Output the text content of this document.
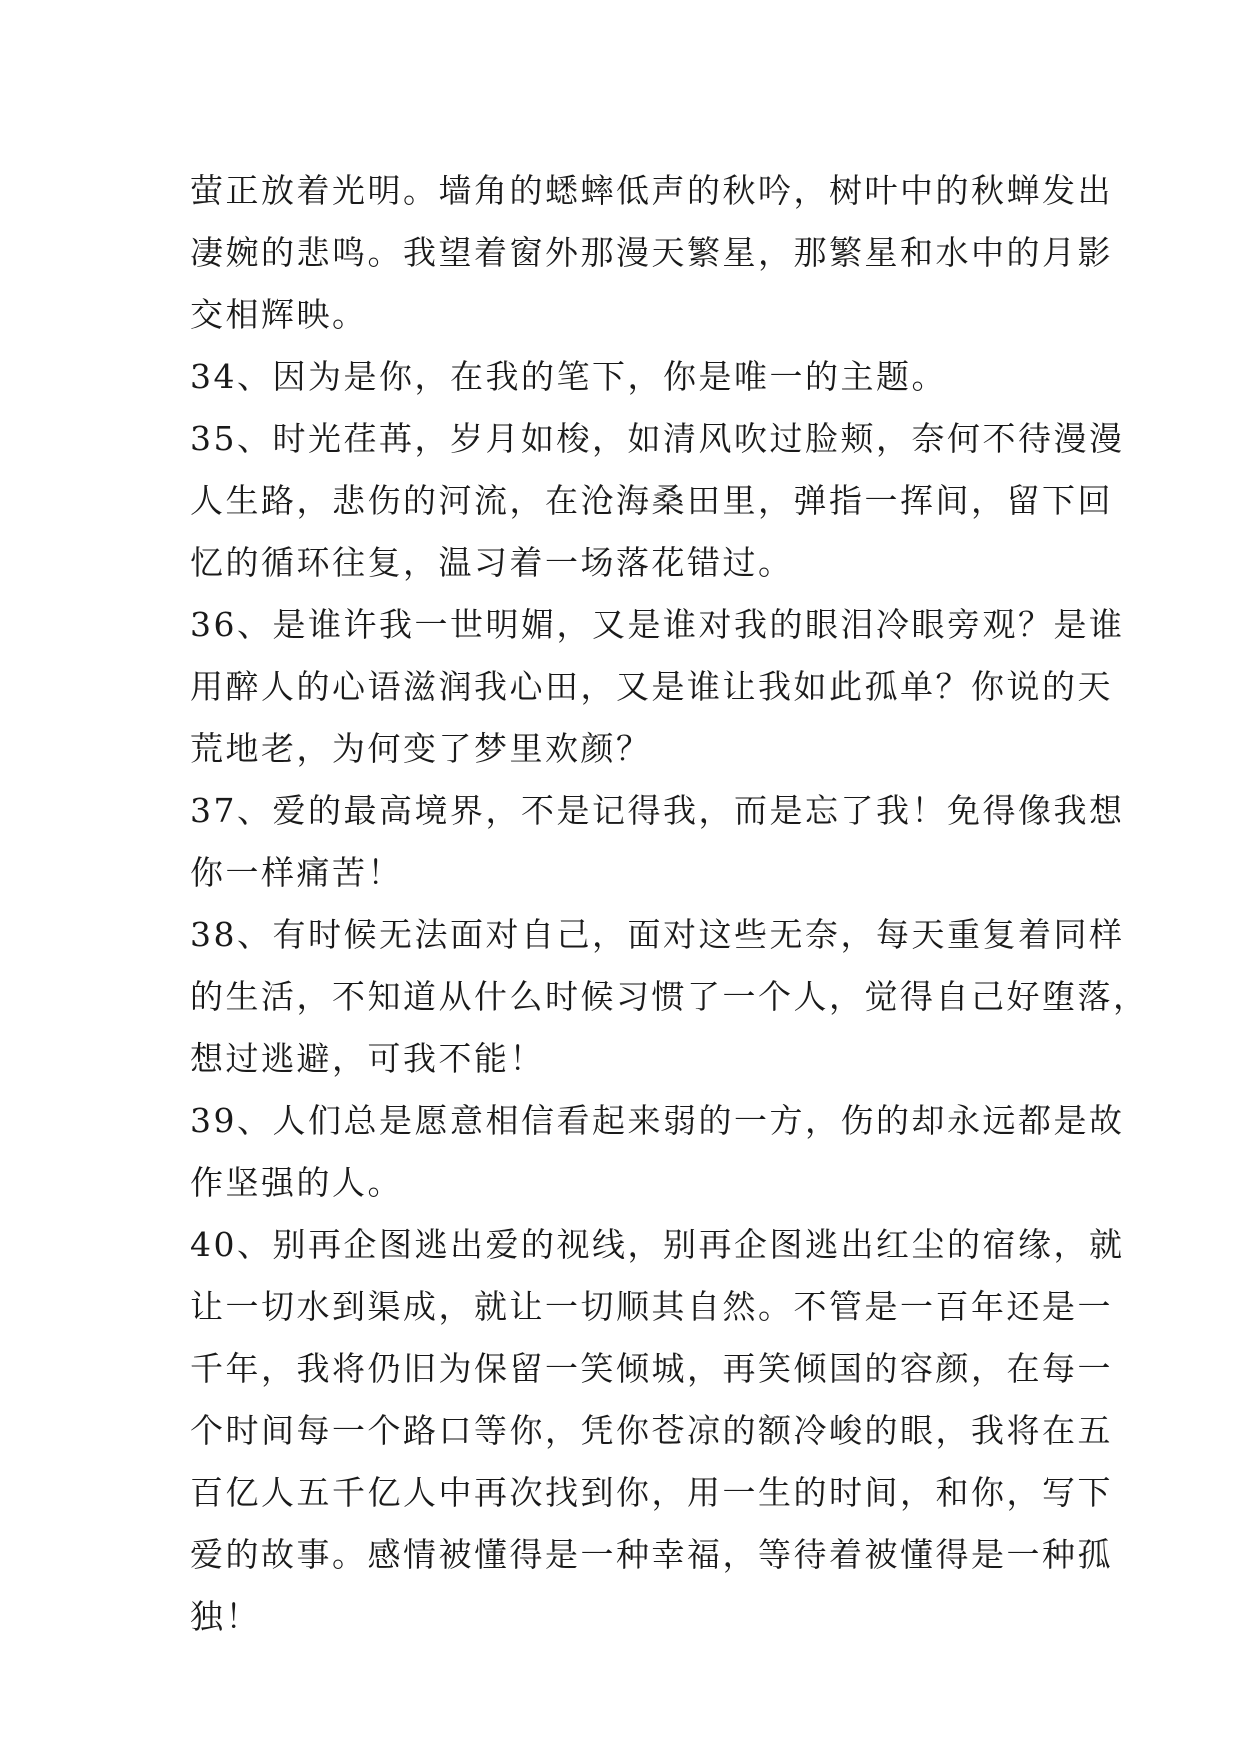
萤正放着光明。墙角的蟋蟀低声的秋吟，树叶中的秋蝉发出
凄婉的悲鸣。我望着窗外那漫天繁星，那繁星和水中的月影
交相辉映。
34、因为是你，在我的笔下，你是唯一的主题。
35、时光荏苒，岁月如梭，如清风吹过脸颊，奈何不待漫漫
人生路，悲伤的河流，在沧海桑田里，弹指一挥间，留下回
忆的循环往复，温习着一场落花错过。
36、是谁许我一世明媚，又是谁对我的眼泪冷眼旁观？是谁
用醉人的心语滋润我心田，又是谁让我如此孤单？你说的天
荒地老，为何变了梦里欢颜？
37、爱的最高境界，不是记得我，而是忘了我！免得像我想
你一样痛苦！
38、有时候无法面对自己，面对这些无奈，每天重复着同样
的生活，不知道从什么时候习惯了一个人，觉得自己好堕落，
想过逃避，可我不能！
39、人们总是愿意相信看起来弱的一方，伤的却永远都是故
作坚强的人。
40、别再企图逃出爱的视线，别再企图逃出红尘的宿缘，就
让一切水到渠成，就让一切顺其自然。不管是一百年还是一
千年，我将仍旧为保留一笑倾城，再笑倾国的容颜，在每一
个时间每一个路口等你，凭你苍凉的额冷峻的眼，我将在五
百亿人五千亿人中再次找到你，用一生的时间，和你，写下
爱的故事。感情被懂得是一种幸福，等待着被懂得是一种孤
独！
